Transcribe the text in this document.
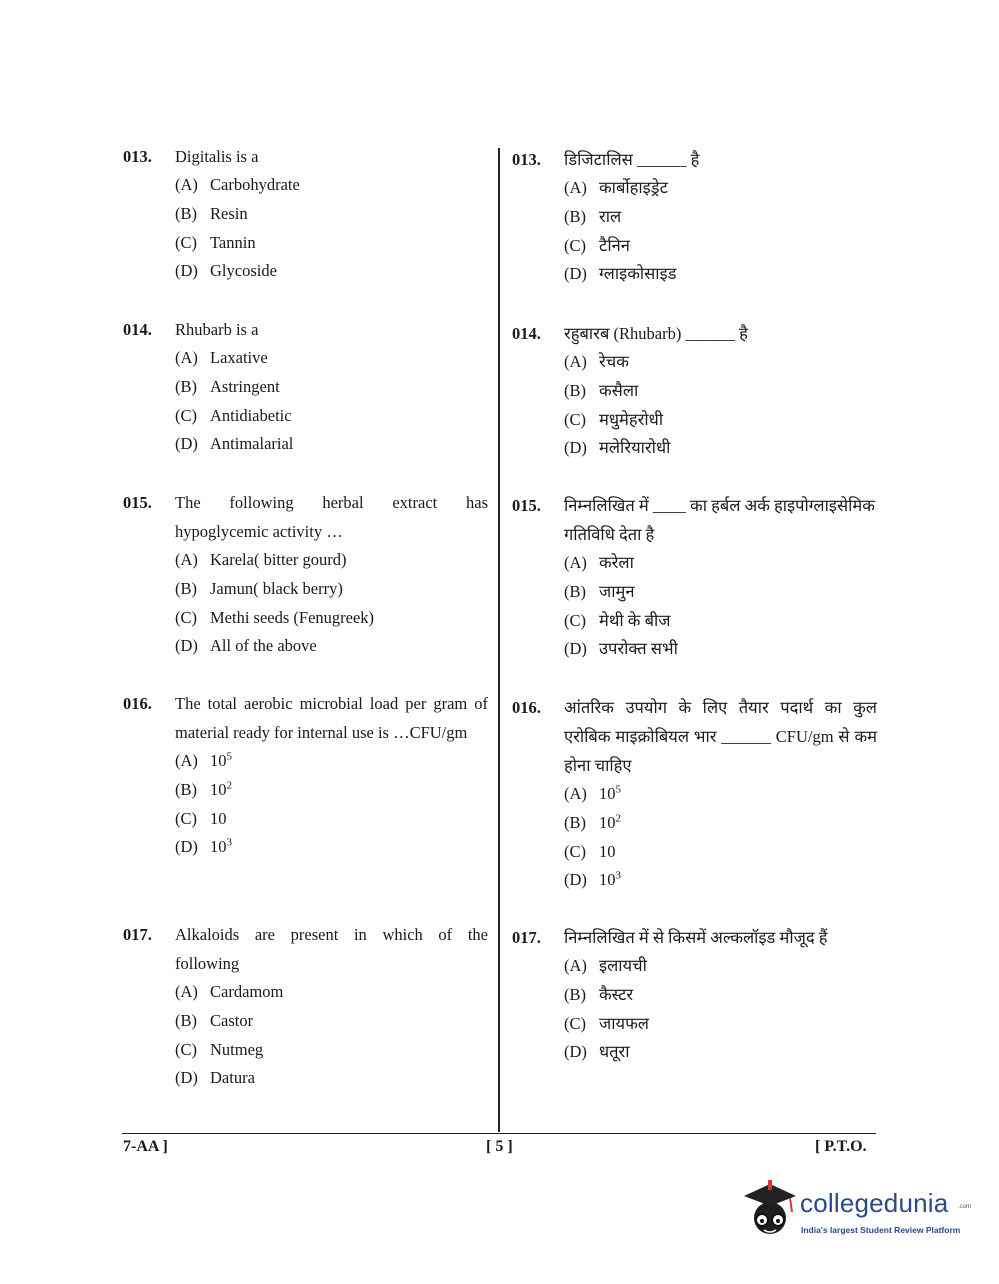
013.	Digitalis is a
(A) Carbohydrate
(B) Resin
(C) Tannin
(D) Glycoside
014.	Rhubarb is a
(A) Laxative
(B) Astringent
(C) Antidiabetic
(D) Antimalarial
015.	The following herbal extract has
hypoglycemic activity …
(A) Karela( bitter gourd)
(B) Jamun( black berry)
(C) Methi seeds (Fenugreek)
(D) All of the above
016.	The total aerobic microbial load per gram of
material ready for internal use is …CFU/gm
(A) $10^5$
(B) $10^2$
(C) 10
(D) $10^3$
017.	Alkaloids are present in which of the
following
(A) Cardamom
(B) Castor
(C) Nutmeg
(D) Datura
013.	डिजिटालिस ______ है
(A) कार्बोहाइड्रेट
(B) राल
(C) टैनिन
(D) ग्लाइकोसाइड
014.	रहुबारब (Rhubarb) ______ है
(A) रेचक
(B) कसैला
(C) मधुमेहरोधी
(D) मलेरियारोधी
015.	निम्नलिखित में ____ का हर्बल अर्क हाइपोग्लाइसेमिक
गतिविधि देता है
(A) करेला
(B) जामुन
(C) मेथी के बीज
(D) उपरोक्त सभी
016.	आंतरिक उपयोग के लिए तैयार पदार्थ का कुल
एरोबिक माइक्रोबियल भार ______ CFU/gm से कम
होना चाहिए
(A) $10^5$
(B) $10^2$
(C) 10
(D) $10^3$
017.	निम्नलिखित में से किसमें अल्कलॉइड मौजूद हैं
(A) इलायची
(B) कैस्टर
(C) जायफल
(D) धतूरा
7-AA ]	[ 5 ]	[ P.T.O.
collegedunia .com
India's largest Student Review Platform
